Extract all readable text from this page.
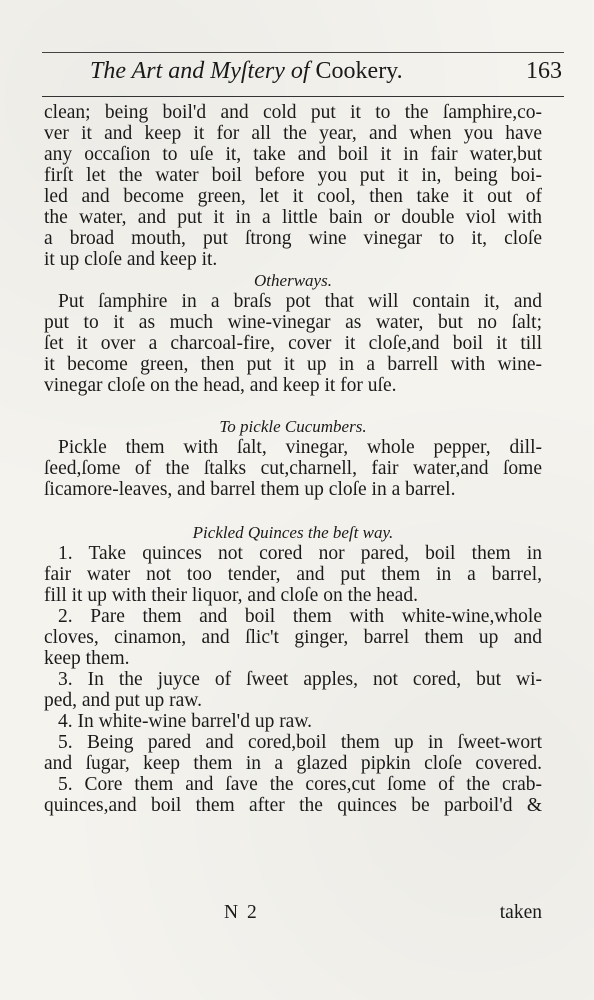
The Art and Myſtery of Cookery.	163
clean; being boil'd and cold put it to the ſamphire,co-
ver it and keep it for all the year, and when you have
any occaſion to uſe it, take and boil it in fair water,but
firſt let the water boil before you put it in, being boi-
led and become green, let it cool, then take it out of
the water, and put it in a little bain or double viol with
a broad mouth, put ſtrong wine vinegar to it, cloſe
it up cloſe and keep it.
Otherways.
Put ſamphire in a braſs pot that will contain it, and
put to it as much wine-vinegar as water, but no ſalt;
ſet it over a charcoal-fire, cover it cloſe,and boil it till
it become green, then put it up in a barrell with wine-
vinegar cloſe on the head, and keep it for uſe.
To pickle Cucumbers.
Pickle them with ſalt, vinegar, whole pepper, dill-
ſeed,ſome of the ſtalks cut,charnell, fair water,and ſome
ſicamore-leaves, and barrel them up cloſe in a barrel.
Pickled Quinces the beſt way.
1. Take quinces not cored nor pared, boil them in
fair water not too tender, and put them in a barrel,
fill it up with their liquor, and cloſe on the head.
2. Pare them and boil them with white-wine,whole
cloves, cinamon, and ſlic't ginger, barrel them up and
keep them.
3. In the juyce of ſweet apples, not cored, but wi-
ped, and put up raw.
4. In white-wine barrel'd up raw.
5. Being pared and cored,boil them up in ſweet-wort
and ſugar, keep them in a glazed pipkin cloſe covered.
5. Core them and ſave the cores,cut ſome of the crab-
quinces,and boil them after the quinces be parboil'd &
N 2	taken
